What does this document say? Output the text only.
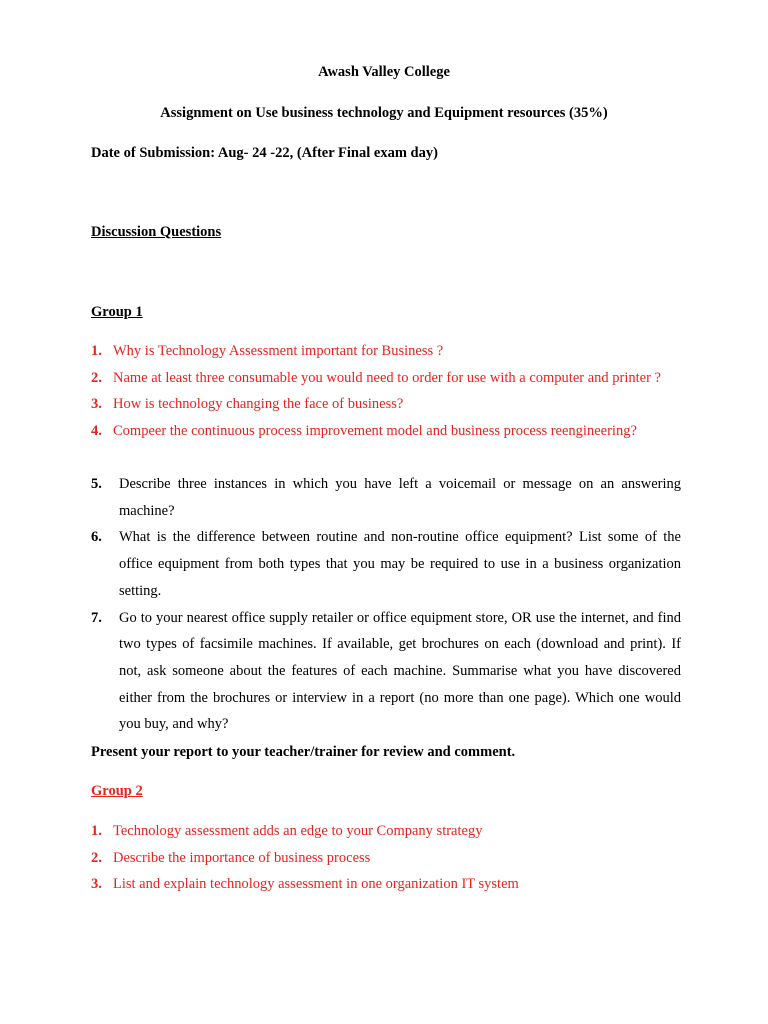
Awash Valley College
Assignment on Use business technology and Equipment resources (35%)
Date of Submission: Aug- 24 -22, (After Final exam day)
Discussion Questions
Group 1
1. Why is Technology Assessment important for Business ?
2. Name at least three consumable you would need to order for use with a computer and printer ?
3. How is technology changing the face of business?
4. Compeer the continuous process improvement model and business process reengineering?
5.	Describe three instances in which you have left a voicemail or message on an answering machine?
6.	What is the difference between routine and non-routine office equipment? List some of the office equipment from both types that you may be required to use in a business organization setting.
7.	Go to your nearest office supply retailer or office equipment store, OR use the internet, and find two types of facsimile machines. If available, get brochures on each (download and print). If not, ask someone about the features of each machine. Summarise what you have discovered either from the brochures or interview in a report (no more than one page). Which one would you buy, and why?
Present your report to your teacher/trainer for review and comment.
Group 2
1. Technology assessment adds an edge to your Company strategy
2. Describe the importance of business process
3. List and explain technology assessment in one organization IT system
